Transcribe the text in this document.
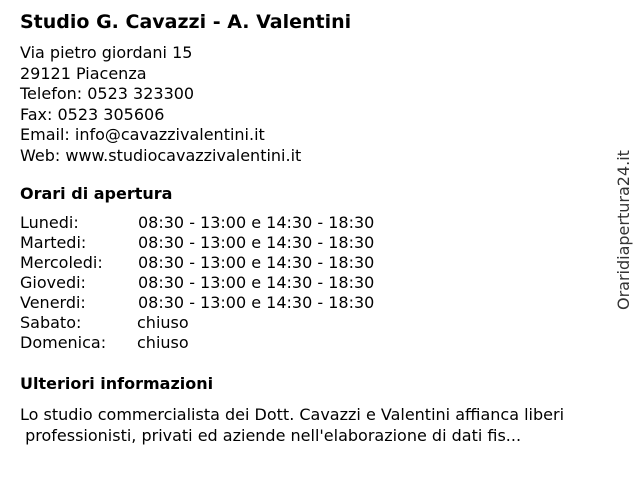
Studio G. Cavazzi - A. Valentini
Via pietro giordani 15
29121 Piacenza
Telefon: 0523 323300
Fax: 0523 305606
Email: info@cavazzivalentini.it
Web: www.studiocavazzivalentini.it
Orari di apertura
Lunedi:	08:30 - 13:00 e 14:30 - 18:30
Martedi:	08:30 - 13:00 e 14:30 - 18:30
Mercoledi: 08:30 - 13:00 e 14:30 - 18:30
Giovedi:	08:30 - 13:00 e 14:30 - 18:30
Venerdi:	08:30 - 13:00 e 14:30 - 18:30
Sabato:	chiuso
Domenica: chiuso
Ulteriori informazioni
Lo studio commercialista dei Dott. Cavazzi e Valentini affianca liberi
professionisti, privati ed aziende nell'elaborazione di dati fis...
Oraridiapertura24.it
